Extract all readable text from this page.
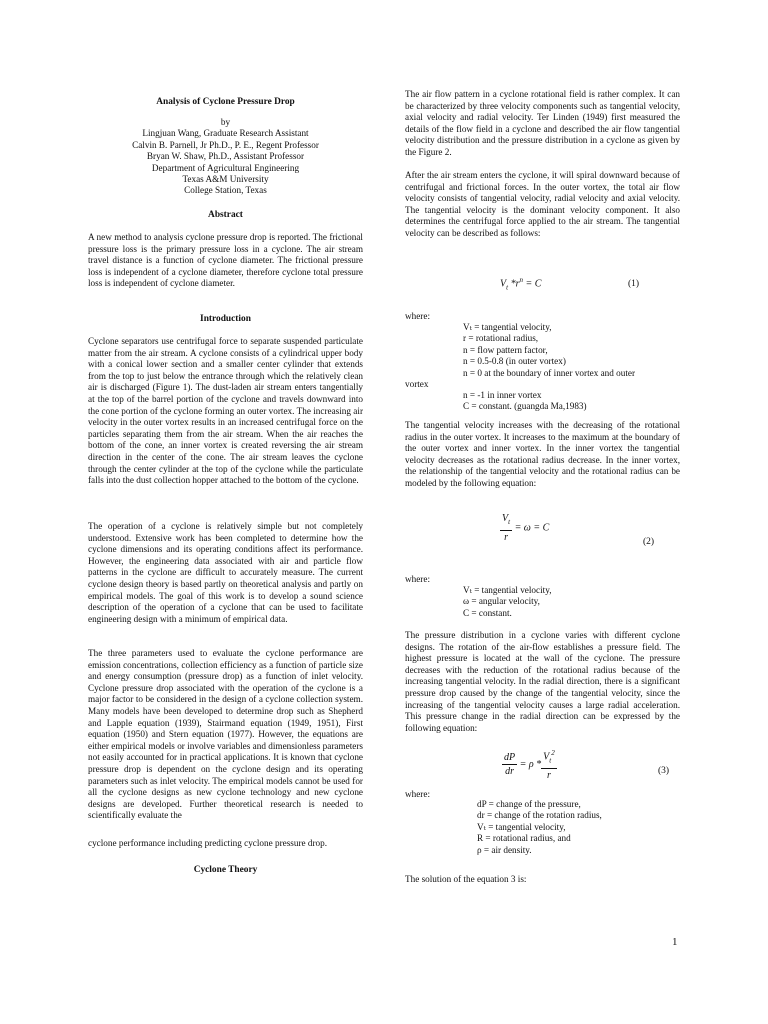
Analysis of Cyclone Pressure Drop
by
Lingjuan Wang, Graduate Research Assistant
Calvin B. Parnell, Jr Ph.D., P. E., Regent Professor
Bryan W. Shaw, Ph.D., Assistant Professor
Department of Agricultural Engineering
Texas A&M University
College Station, Texas
Abstract

A new method to analysis cyclone pressure drop is reported. The frictional pressure loss is the primary pressure loss in a cyclone. The air stream travel distance is a function of cyclone diameter. The frictional pressure loss is independent of a cyclone diameter, therefore cyclone total pressure loss is independent of cyclone diameter.

Introduction

Cyclone separators use centrifugal force to separate suspended particulate matter from the air stream. A cyclone consists of a cylindrical upper body with a conical lower section and a smaller center cylinder that extends from the top to just below the entrance through which the relatively clean air is discharged (Figure 1). The dust-laden air stream enters tangentially at the top of the barrel portion of the cyclone and travels downward into the cone portion of the cyclone forming an outer vortex. The increasing air velocity in the outer vortex results in an increased centrifugal force on the particles separating them from the air stream. When the air reaches the bottom of the cone, an inner vortex is created reversing the air stream direction in the center of the cone. The air stream leaves the cyclone through the center cylinder at the top of the cyclone while the particulate falls into the dust collection hopper attached to the bottom of the cyclone.

The operation of a cyclone is relatively simple but not completely understood. Extensive work has been completed to determine how the cyclone dimensions and its operating conditions affect its performance. However, the engineering data associated with air and particle flow patterns in the cyclone are difficult to accurately measure. The current cyclone design theory is based partly on theoretical analysis and partly on empirical models. The goal of this work is to develop a sound science description of the operation of a cyclone that can be used to facilitate engineering design with a minimum of empirical data.

The three parameters used to evaluate the cyclone performance are emission concentrations, collection efficiency as a function of particle size and energy consumption (pressure drop) as a function of inlet velocity. Cyclone pressure drop associated with the operation of the cyclone is a major factor to be considered in the design of a cyclone collection system. Many models have been developed to determine drop such as Shepherd and Lapple equation (1939), Stairmand equation (1949, 1951), First equation (1950) and Stern equation (1977). However, the equations are either empirical models or involve variables and dimensionless parameters not easily accounted for in practical applications. It is known that cyclone pressure drop is dependent on the cyclone design and its operating parameters such as inlet velocity. The empirical models cannot be used for all the cyclone designs as new cyclone technology and new cyclone designs are developed. Further theoretical research is needed to scientifically evaluate the

cyclone performance including predicting cyclone pressure drop.

Cyclone Theory

The air flow pattern in a cyclone rotational field is rather complex. It can be characterized by three velocity components such as tangential velocity, axial velocity and radial velocity. Ter Linden (1949) first measured the details of the flow field in a cyclone and described the air flow tangential velocity distribution and the pressure distribution in a cyclone as given by the Figure 2.

After the air stream enters the cyclone, it will spiral downward because of centrifugal and frictional forces. In the outer vortex, the total air flow velocity consists of tangential velocity, radial velocity and axial velocity. The tangential velocity is the dominant velocity component. It also determines the centrifugal force applied to the air stream. The tangential velocity can be described as follows:

$V_t$ $*r^n = C$	(1)
where:
Vₜ = tangential velocity,
r = rotational radius,
n = flow pattern factor,
n = 0.5-0.8 (in outer vortex)
n = 0 at the boundary of inner vortex and outer
vortex
n = -1 in inner vortex
C = constant. (guangda Ma,1983)

The tangential velocity increases with the decreasing of the rotational radius in the outer vortex. It increases to the maximum at the boundary of the outer vortex and inner vortex. In the inner vortex the tangential velocity decreases as the rotational radius decrease. In the inner vortex, the relationship of the tangential velocity and the rotational radius can be modeled by the following equation:

$\frac{V_t}{r} = \omega = C$
(2)
where:
Vₜ = tangential velocity,
ω = angular velocity,
C = constant.

The pressure distribution in a cyclone varies with different cyclone designs. The rotation of the air-flow establishes a pressure field. The highest pressure is located at the wall of the cyclone. The pressure decreases with the reduction of the rotational radius because of the increasing tangential velocity. In the radial direction, there is a significant pressure drop caused by the change of the tangential velocity, since the increasing of the tangential velocity causes a large radial acceleration. This pressure change in the radial direction can be expressed by the following equation:

$\frac{dP}{dr} = \rho * \frac{V_t^2}{r}$	(3)
where:
dP = change of the pressure,
dr = change of the rotation radius,
Vₜ = tangential velocity,
R = rotational radius, and
ρ = air density.

The solution of the equation 3 is:

1
